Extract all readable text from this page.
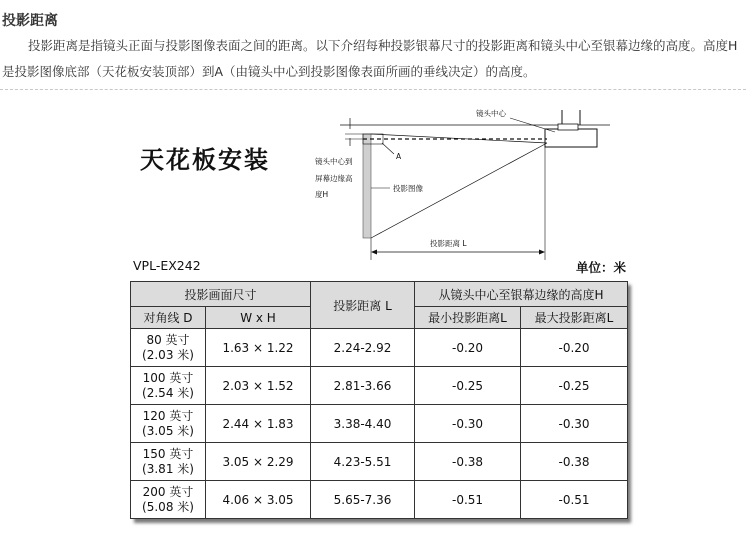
投影距离
投影距离是指镜头正面与投影图像表面之间的距离。以下介绍每种投影银幕尺寸的投影距离和镜头中心至银幕边缘的高度。高度H是投影图像底部（天花板安装顶部）到A（由镜头中心到投影图像表面所画的垂线决定）的高度。
天花板安装
镜头中心
A
镜头中心到
屏幕边缘高
度H
投影图像
投影距离 L
VPL-EX242	单位：米
投影画面尺寸		投影距离 L	从镜头中心至银幕边缘的高度H	
对角线 D	W x H		最小投影距离L	最大投影距离L
80 英寸
(2.03 米)	1.63 × 1.22	2.24-2.92	-0.20	-0.20
100 英寸
(2.54 米)	2.03 × 1.52	2.81-3.66	-0.25	-0.25
120 英寸
(3.05 米)	2.44 × 1.83	3.38-4.40	-0.30	-0.30
150 英寸
(3.81 米)	3.05 × 2.29	4.23-5.51	-0.38	-0.38
200 英寸
(5.08 米)	4.06 × 3.05	5.65-7.36	-0.51	-0.51
